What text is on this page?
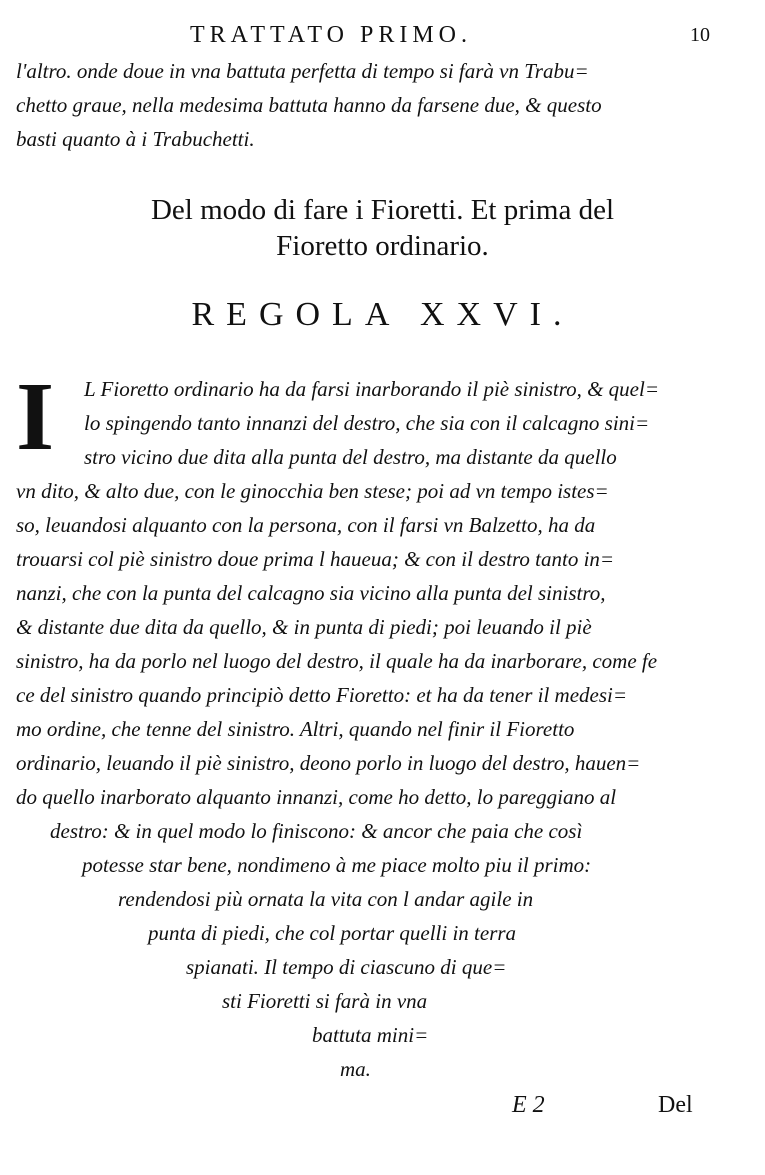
TRATTATO PRIMO.	10
l'altro. onde doue in vna battuta perfetta di tempo si farà vn Trabu=
chetto graue, nella medesima battuta hanno da farsene due, & questo
basti quanto à i Trabuchetti.
Del modo di fare i Fioretti. Et prima del
Fioretto ordinario.
REGOLA XXVI.
I	L Fioretto ordinario ha da farsi inarborando il piè sinistro, & quel=
lo spingendo tanto innanzi del destro, che sia con il calcagno sini=
stro vicino due dita alla punta del destro, ma distante da quello
vn dito, & alto due, con le ginocchia ben stese; poi ad vn tempo istes=
so, leuandosi alquanto con la persona, con il farsi vn Balzetto, ha da
trouarsi col piè sinistro doue prima l haueua; & con il destro tanto in=
nanzi, che con la punta del calcagno sia vicino alla punta del sinistro,
& distante due dita da quello, & in punta di piedi; poi leuando il piè
sinistro, ha da porlo nel luogo del destro, il quale ha da inarborare, come fe
ce del sinistro quando principiò detto Fioretto: et ha da tener il medesi=
mo ordine, che tenne del sinistro. Altri, quando nel finir il Fioretto
ordinario, leuando il piè sinistro, deono porlo in luogo del destro, hauen=
do quello inarborato alquanto innanzi, come ho detto, lo pareggiano al
destro: & in quel modo lo finiscono: & ancor che paia che così
potesse star bene, nondimeno à me piace molto piu il primo:
rendendosi più ornata la vita con l andar agile in
punta di piedi, che col portar quelli in terra
spianati. Il tempo di ciascuno di que=
sti Fioretti si farà in vna
battuta mini=
ma.
E 2	Del
